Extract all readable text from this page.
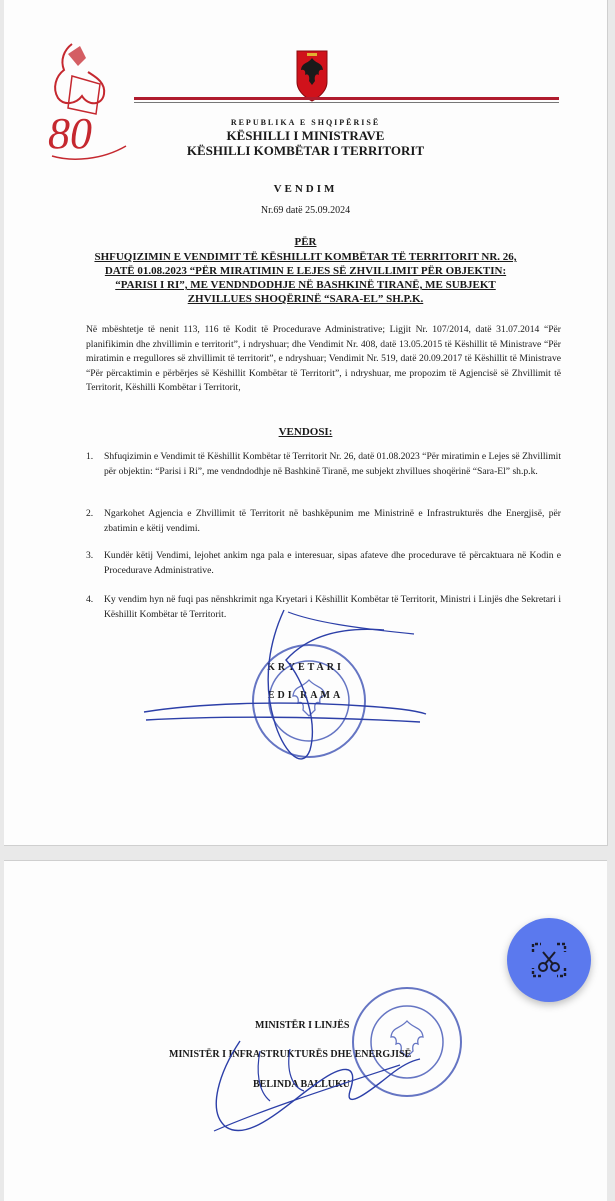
80	REPUBLIKA E SHQIPËRISË
KËSHILLI I MINISTRAVE
KËSHILLI KOMBËTAR I TERRITORIT
VENDIM
Nr.69 datë 25.09.2024
PËR
SHFUQIZIMIN E VENDIMIT TË KËSHILLIT KOMBËTAR TË TERRITORIT NR. 26, DATË 01.08.2023 “PËR MIRATIMIN E LEJES SË ZHVILLIMIT PËR OBJEKTIN: “PARISI I RI”, ME VENDNDODHJE NË BASHKINË TIRANË, ME SUBJEKT ZHVILLUES SHOQËRINË “SARA-EL” SH.P.K.
Në mbështetje të nenit 113, 116 të Kodit të Procedurave Administrative; Ligjit Nr. 107/2014, datë 31.07.2014 “Për planifikimin dhe zhvillimin e territorit”, i ndryshuar; dhe Vendimit Nr. 408, datë 13.05.2015 të Këshillit të Ministrave “Për miratimin e rregullores së zhvillimit të territorit”, e ndryshuar; Vendimit Nr. 519, datë 20.09.2017 të Këshillit të Ministrave “Për përcaktimin e përbërjes së Këshillit Kombëtar të Territorit”, i ndryshuar, me propozim të Agjencisë së Zhvillimit të Territorit, Këshilli Kombëtar i Territorit,
VENDOSI:
1. Shfuqizimin e Vendimit të Këshillit Kombëtar të Territorit Nr. 26, datë 01.08.2023 “Për miratimin e Lejes së Zhvillimit për objektin: “Parisi i Ri”, me vendndodhje në Bashkinë Tiranë, me subjekt zhvillues shoqërinë “Sara-El” sh.p.k.
2. Ngarkohet Agjencia e Zhvillimit të Territorit në bashkëpunim me Ministrinë e Infrastrukturës dhe Energjisë, për zbatimin e këtij vendimi.
3. Kundër këtij Vendimi, lejohet ankim nga pala e interesuar, sipas afateve dhe procedurave të përcaktuara në Kodin e Procedurave Administrative.
4. Ky vendim hyn në fuqi pas nënshkrimit nga Kryetari i Këshillit Kombëtar të Territorit, Ministri i Linjës dhe Sekretari i Këshillit Kombëtar të Territorit.
KRYETARI
EDI RAMA
MINISTËR I LINJËS
MINISTËR I INFRASTRUKTURËS DHE ENERGJISË
BELINDA BALLUKU
